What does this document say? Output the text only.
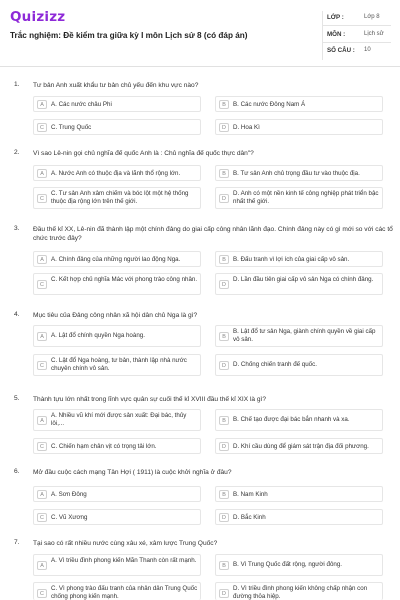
Quizizz
Trắc nghiệm: Đề kiểm tra giữa kỳ I môn Lịch sử 8 (có đáp án)
LỚP :	Lớp 8
MÔN :	Lịch sử
SỐ CÂU : 10
1. Tư bản Anh xuất khẩu tư bản chủ yếu đến khu vực nào?
A	A. Các nước châu Phi	B	B. Các nước Đông Nam Á
C	C. Trung Quốc	D	D. Hoa Kì
2. Vì sao Lê-nin gọi chủ nghĩa đế quốc Anh là : Chủ nghĩa đế quốc thực dân"?
A	A. Nước Anh có thuộc địa và lãnh thổ rộng lớn.	B	B. Tư sản Anh chủ trọng đầu tư vào thuộc địa.
C
C. Tư sản Anh xâm chiếm và bóc lột một hệ thống thuộc địa rộng lớn trên thế giới.	D
D. Anh có một nền kinh tế công nghiệp phát triển bậc nhất thế giới.
3. Đầu thế kỉ XX, Lê-nin đã thành lập một chính đảng do giai cấp công nhân lãnh đạo. Chính đảng này có gì mới so với các tổ chức trước đây?
A	A. Chính đảng của những người lao động Nga.	B	B. Đấu tranh vì lợi ích của giai cấp vô sản.
C
C. Kết hợp chủ nghĩa Mác với phong trào công nhân.
D
D. Lần đầu tiên giai cấp vô sản Nga có chính đảng.
4. Mục tiêu của Đảng công nhân xã hội dân chủ Nga là gì?
A	A. Lật đổ chính quyền Nga hoàng.	B
B. Lật đổ tư sản Nga, giành chính quyền về giai cấp vô sản.
C
C. Lật đổ Nga hoàng, tư bản, thành lập nhà nước chuyên chính vô sản.	D	D. Chống chiến tranh đế quốc.
5. Thành tựu lớn nhất trong lĩnh vực quân sự cuối thế kỉ XVIII đầu thế kỉ XIX là gì?
A
A. Nhiều vũ khí mới được sản xuất: Đại bác, thủy lôi,...	B	B. Chế tạo được đại bác bắn nhanh và xa.
C	C. Chiến hạm chân vịt có trọng tải lớn.	D	D. Khí cầu dùng để giám sát trận địa đối phương.
6. Mở đầu cuộc cách mạng Tân Hợi ( 1911) là cuộc khởi nghĩa ở đâu?
A	A. Sơn Đông	B	B. Nam Kinh
C	C. Vũ Xương	D	D. Bắc Kinh
7. Tại sao có rất nhiều nước cùng xâu xé, xâm lược Trung Quốc?
A
A. Vì triều đình phong kiến Mãn Thanh còn rất mạnh.
B	B. Vì Trung Quốc đất rộng, người đông.
C
C. Vì phong trào đấu tranh của nhân dân Trung Quốc chống phong kiến mạnh.	D
D. Vì triều đình phong kiến không chấp nhận con đường thỏa hiệp.
